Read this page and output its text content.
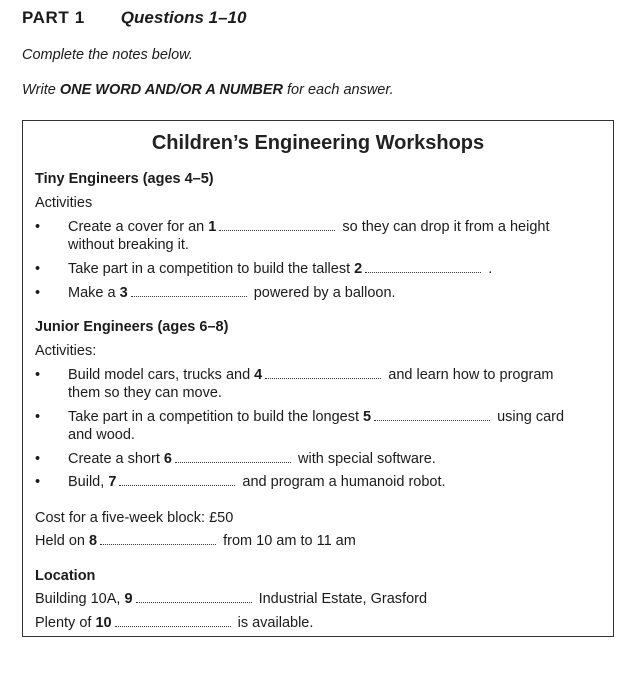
PART 1 Questions 1–10
Complete the notes below.
Write ONE WORD AND/OR A NUMBER for each answer.
Children’s Engineering Workshops
Tiny Engineers (ages 4–5)
Activities
•	Create a cover for an 1	so they can drop it from a height
without breaking it.
•	Take part in a competition to build the tallest 2	.
•	Make a 3	powered by a balloon.
Junior Engineers (ages 6–8)
Activities:
•	Build model cars, trucks and 4	and learn how to program
them so they can move.
•	Take part in a competition to build the longest 5	using card
and wood.
•	Create a short 6	with special software.
•	Build, 7	and program a humanoid robot.
Cost for a five-week block: £50
Held on 8	from 10 am to 11 am
Location
Building 10A, 9	Industrial Estate, Grasford
Plenty of 10	is available.
